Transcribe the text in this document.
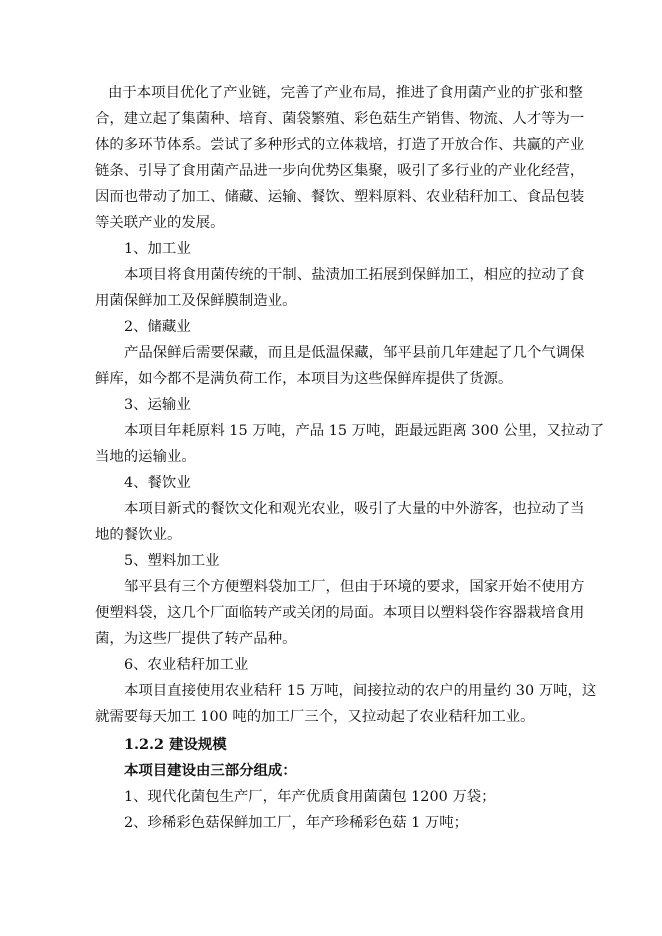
由于本项目优化了产业链，完善了产业布局，推进了食用菌产业的扩张和整
合，建立起了集菌种、培育、菌袋繁殖、彩色菇生产销售、物流、人才等为一
体的多环节体系。尝试了多种形式的立体栽培，打造了开放合作、共赢的产业
链条、引导了食用菌产品进一步向优势区集聚，吸引了多行业的产业化经营，
因而也带动了加工、储藏、运输、餐饮、塑料原料、农业秸秆加工、食品包装
等关联产业的发展。
1、加工业
本项目将食用菌传统的干制、盐渍加工拓展到保鲜加工，相应的拉动了食
用菌保鲜加工及保鲜膜制造业。
2、储藏业
产品保鲜后需要保藏，而且是低温保藏，邹平县前几年建起了几个气调保
鲜库，如今都不是满负荷工作，本项目为这些保鲜库提供了货源。
3、运输业
本项目年耗原料 15 万吨，产品 15 万吨，距最远距离 300 公里，又拉动了
当地的运输业。
4、餐饮业
本项目新式的餐饮文化和观光农业，吸引了大量的中外游客，也拉动了当
地的餐饮业。
5、塑料加工业
邹平县有三个方便塑料袋加工厂，但由于环境的要求，国家开始不使用方
便塑料袋，这几个厂面临转产或关闭的局面。本项目以塑料袋作容器栽培食用
菌，为这些厂提供了转产品种。
6、农业秸秆加工业
本项目直接使用农业秸秆 15 万吨，间接拉动的农户的用量约 30 万吨，这
就需要每天加工 100 吨的加工厂三个，又拉动起了农业秸秆加工业。
1.2.2 建设规模
本项目建设由三部分组成：
1、现代化菌包生产厂，年产优质食用菌菌包 1200 万袋；
2、珍稀彩色菇保鲜加工厂，年产珍稀彩色菇 1 万吨；
